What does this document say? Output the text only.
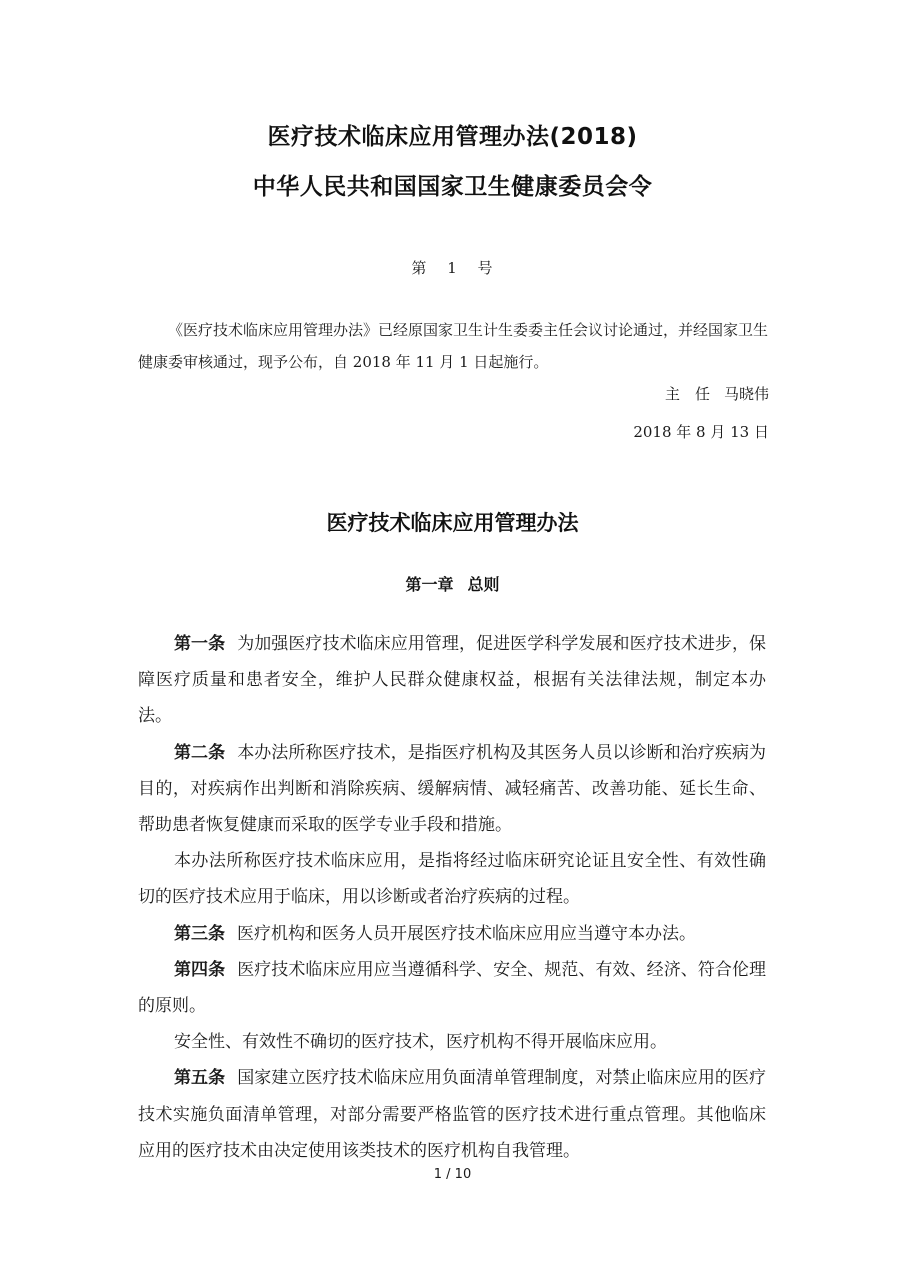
医疗技术临床应用管理办法(2018)
中华人民共和国国家卫生健康委员会令
第 1 号

《医疗技术临床应用管理办法》已经原国家卫生计生委委主任会议讨论通过，并经国家卫生健康委审核通过，现予公布，自 2018 年 11 月 1 日起施行。

主　任 马晓伟
2018 年 8 月 13 日
医疗技术临床应用管理办法
第一章 总则

第一条 为加强医疗技术临床应用管理，促进医学科学发展和医疗技术进步，保障医疗质量和患者安全，维护人民群众健康权益，根据有关法律法规，制定本办法。

第二条 本办法所称医疗技术，是指医疗机构及其医务人员以诊断和治疗疾病为目的，对疾病作出判断和消除疾病、缓解病情、减轻痛苦、改善功能、延长生命、帮助患者恢复健康而采取的医学专业手段和措施。

本办法所称医疗技术临床应用，是指将经过临床研究论证且安全性、有效性确切的医疗技术应用于临床，用以诊断或者治疗疾病的过程。

第三条 医疗机构和医务人员开展医疗技术临床应用应当遵守本办法。

第四条 医疗技术临床应用应当遵循科学、安全、规范、有效、经济、符合伦理的原则。

安全性、有效性不确切的医疗技术，医疗机构不得开展临床应用。

第五条 国家建立医疗技术临床应用负面清单管理制度，对禁止临床应用的医疗技术实施负面清单管理，对部分需要严格监管的医疗技术进行重点管理。其他临床应用的医疗技术由决定使用该类技术的医疗机构自我管理。

1 / 10
